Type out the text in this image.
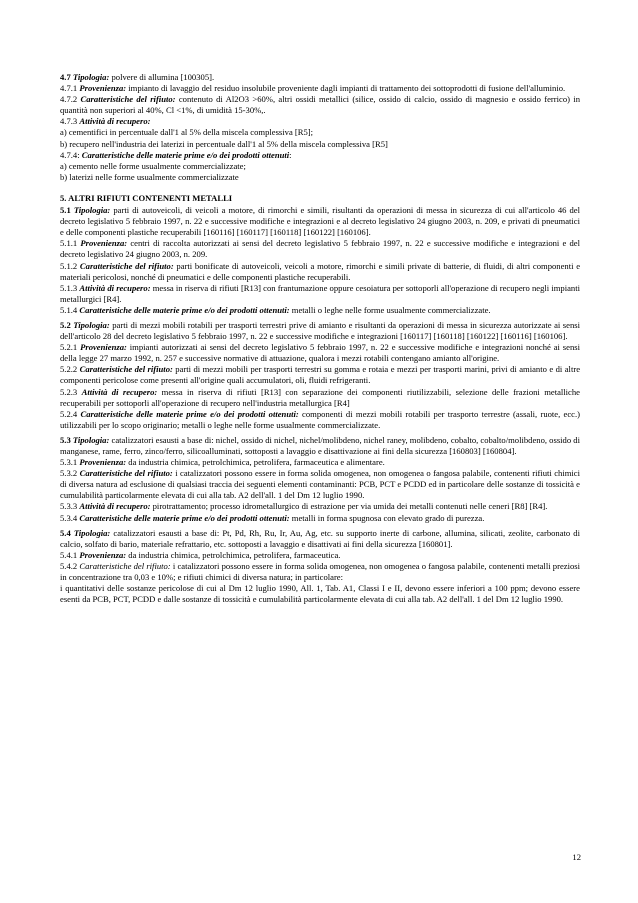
4.7 Tipologia: polvere di allumina [100305].

4.7.1 Provenienza: impianto di lavaggio del residuo insolubile proveniente dagli impianti di trattamento dei sottoprodotti di fusione dell'alluminio.

4.7.2 Caratteristiche del rifiuto: contenuto di Al2O3 >60%, altri ossidi metallici (silice, ossido di calcio, ossido di magnesio e ossido ferrico) in quantità non superiori al 40%, Cl <1%, di umidità 15-30%,.

4.7.3 Attività di recupero:

a) cementifici in percentuale dall'1 al 5% della miscela complessiva [R5];

b) recupero nell'industria dei laterizi in percentuale dall'1 al 5% della miscela complessiva [R5]

4.7.4: Caratteristiche delle materie prime e/o dei prodotti ottenuti:

a) cemento nelle forme usualmente commercializzate;

b) laterizi nelle forme usualmente commercializzate

5. ALTRI RIFIUTI CONTENENTI METALLI

5.1 Tipologia: parti di autoveicoli, di veicoli a motore, di rimorchi e simili, risultanti da operazioni di messa in sicurezza di cui all'articolo 46 del decreto legislativo 5 febbraio 1997, n. 22 e successive modifiche e integrazioni e al decreto legislativo 24 giugno 2003, n. 209, e privati di pneumatici e delle componenti plastiche recuperabili [160116] [160117] [160118] [160122] [160106].

5.1.1 Provenienza: centri di raccolta autorizzati ai sensi del decreto legislativo 5 febbraio 1997, n. 22 e successive modifiche e integrazioni e del decreto legislativo 24 giugno 2003, n. 209.

5.1.2 Caratteristiche del rifiuto: parti bonificate di autoveicoli, veicoli a motore, rimorchi e simili private di batterie, di fluidi, di altri componenti e materiali pericolosi, nonché di pneumatici e delle componenti plastiche recuperabili.

5.1.3 Attività di recupero: messa in riserva di rifiuti [R13] con frantumazione oppure cesoiatura per sottoporli all'operazione di recupero negli impianti metallurgici [R4].

5.1.4 Caratteristiche delle materie prime e/o dei prodotti ottenuti: metalli o leghe nelle forme usualmente commercializzate.

5.2 Tipologia: parti di mezzi mobili rotabili per trasporti terrestri prive di amianto e risultanti da operazioni di messa in sicurezza autorizzate ai sensi dell'articolo 28 del decreto legislativo 5 febbraio 1997, n. 22 e successive modifiche e integrazioni [160117] [160118] [160122] [160116] [160106].

5.2.1 Provenienza: impianti autorizzati ai sensi del decreto legislativo 5 febbraio 1997, n. 22 e successive modifiche e integrazioni nonché ai sensi della legge 27 marzo 1992, n. 257 e successive normative di attuazione, qualora i mezzi rotabili contengano amianto all'origine.

5.2.2 Caratteristiche del rifiuto: parti di mezzi mobili per trasporti terrestri su gomma e rotaia e mezzi per trasporti marini, privi di amianto e di altre componenti pericolose come presenti all'origine quali accumulatori, oli, fluidi refrigeranti.

5.2.3 Attività di recupero: messa in riserva di rifiuti [R13] con separazione dei componenti riutilizzabili, selezione delle frazioni metalliche recuperabili per sottoporli all'operazione di recupero nell'industria metallurgica [R4]

5.2.4 Caratteristiche delle materie prime e/o dei prodotti ottenuti: componenti di mezzi mobili rotabili per trasporto terrestre (assali, ruote, ecc.) utilizzabili per lo scopo originario; metalli o leghe nelle forme usualmente commercializzate.

5.3 Tipologia: catalizzatori esausti a base di: nichel, ossido di nichel, nichel/molibdeno, nichel raney, molibdeno, cobalto, cobalto/molibdeno, ossido di manganese, rame, ferro, zinco/ferro, silicoalluminati, sottoposti a lavaggio e disattivazione ai fini della sicurezza [160803] [160804].

5.3.1 Provenienza: da industria chimica, petrolchimica, petrolifera, farmaceutica e alimentare.

5.3.2 Caratteristiche del rifiuto: i catalizzatori possono essere in forma solida omogenea, non omogenea o fangosa palabile, contenenti rifiuti chimici di diversa natura ad esclusione di qualsiasi traccia dei seguenti elementi contaminanti: PCB, PCT e PCDD ed in particolare delle sostanze di tossicità e cumulabilità particolarmente elevata di cui alla tab. A2 dell'all. 1 del Dm 12 luglio 1990.

5.3.3 Attività di recupero: pirotrattamento; processo idrometallurgico di estrazione per via umida dei metalli contenuti nelle ceneri [R8] [R4].

5.3.4 Caratteristiche delle materie prime e/o dei prodotti ottenuti: metalli in forma spugnosa con elevato grado di purezza.

5.4 Tipologia: catalizzatori esausti a base di: Pt, Pd, Rh, Ru, Ir, Au, Ag, etc. su supporto inerte di carbone, allumina, silicati, zeolite, carbonato di calcio, solfato di bario, materiale refrattario, etc. sottoposti a lavaggio e disattivati ai fini della sicurezza [160801].

5.4.1 Provenienza: da industria chimica, petrolchimica, petrolifera, farmaceutica.

5.4.2 Caratteristiche del rifiuto: i catalizzatori possono essere in forma solida omogenea, non omogenea o fangosa palabile, contenenti metalli preziosi in concentrazione tra 0,03 e 10%; e rifiuti chimici di diversa natura; in particolare:

i quantitativi delle sostanze pericolose di cui al Dm 12 luglio 1990, All. 1, Tab. A1, Classi I e II, devono essere inferiori a 100 ppm; devono essere esenti da PCB, PCT, PCDD e dalle sostanze di tossicità e cumulabilità particolarmente elevata di cui alla tab. A2 dell'all. 1 del Dm 12 luglio 1990.

12
